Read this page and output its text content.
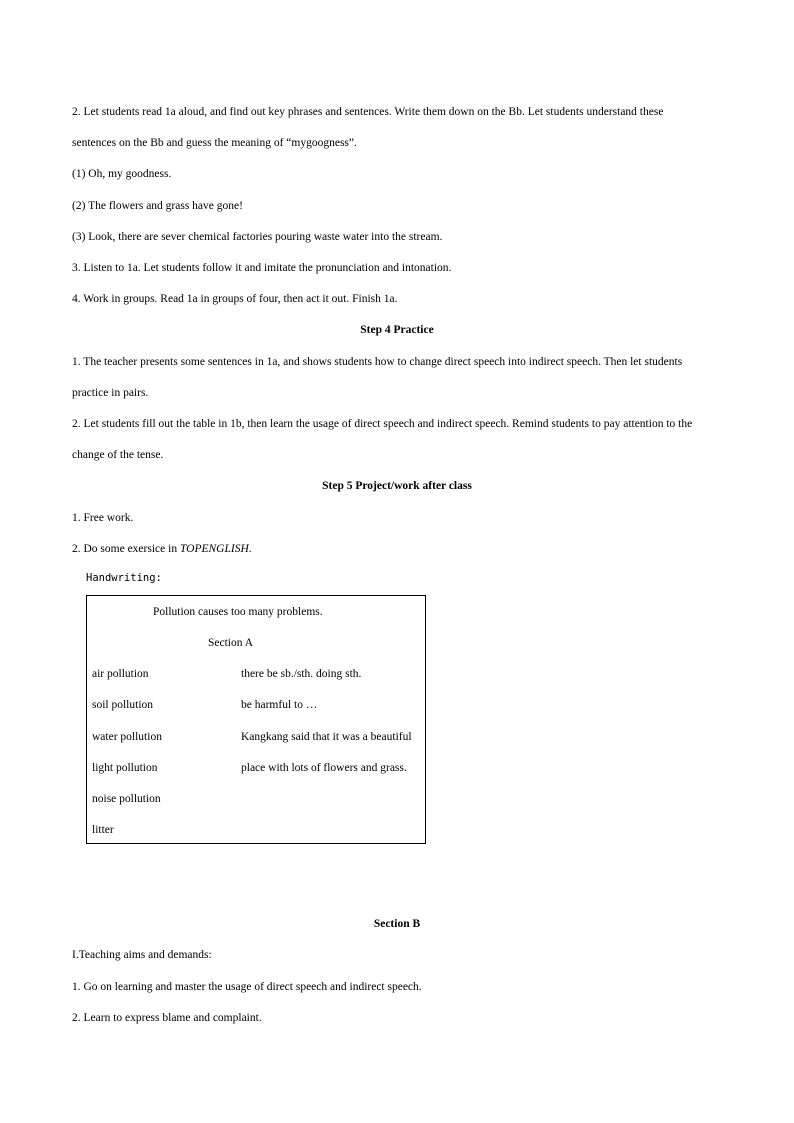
2. Let students read 1a aloud, and find out key phrases and sentences. Write them down on the Bb. Let students understand these
sentences on the Bb and guess the meaning of “mygoogness”.
(1) Oh, my goodness.
(2) The flowers and grass have gone!
(3) Look, there are sever chemical factories pouring waste water into the stream.
3. Listen to 1a. Let students follow it and imitate the pronunciation and intonation.
4. Work in groups. Read 1a in groups of four, then act it out. Finish 1a.
Step 4 Practice
1. The teacher presents some sentences in 1a, and shows students how to change direct speech into indirect speech. Then let students
practice in pairs.
2. Let students fill out the table in 1b, then learn the usage of direct speech and indirect speech. Remind students to pay attention to the
change of the tense.
Step 5 Project/work after class
1. Free work.
2. Do some exersice in TOPENGLISH.
Handwriting:
Pollution causes too many problems.
Section A
air pollution
soil pollution
water pollution
light pollution
noise pollution
litter
there be sb./sth. doing sth.
be harmful to …
Kangkang said that it was a beautiful
place with lots of flowers and grass.
Section B
I.Teaching aims and demands:
1. Go on learning and master the usage of direct speech and indirect speech.
2. Learn to express blame and complaint.
